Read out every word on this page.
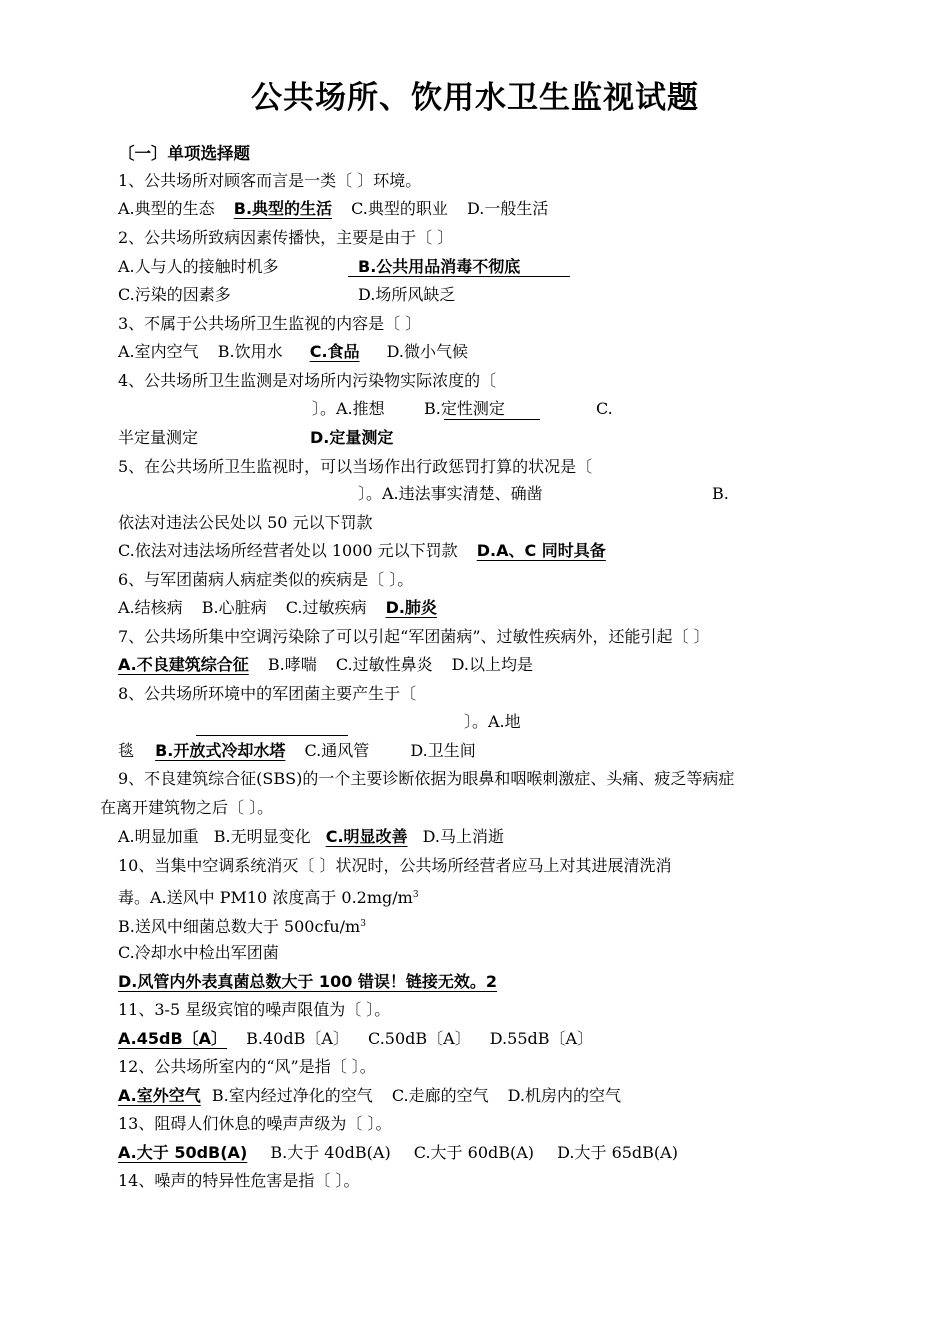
公共场所、饮用水卫生监视试题
〔一〕单项选择题
1、公共场所对顾客而言是一类〔 〕环境。
A.典型的生态 B.典型的生活 C.典型的职业 D.一般生活
2、公共场所致病因素传播快，主要是由于〔 〕
A.人与人的接触时机多	B.公共用品消毒不彻底
C.污染的因素多	D.场所风缺乏
3、不属于公共场所卫生监视的内容是〔 〕
A.室内空气 B.饮用水 C.食品 D.微小气候
4、公共场所卫生监测是对场所内污染物实际浓度的〔
〕。A.推想 B.定性测定	C.
半定量测定	D.定量测定
5、在公共场所卫生监视时，可以当场作出行政惩罚打算的状况是〔
〕。A.违法事实清楚、确凿	B.
依法对违法公民处以 50 元以下罚款
C.依法对违法场所经营者处以 1000 元以下罚款 D.A、C 同时具备
6、与军团菌病人病症类似的疾病是〔 〕。
A.结核病 B.心脏病 C.过敏疾病 D.肺炎
7、公共场所集中空调污染除了可以引起“军团菌病”、过敏性疾病外，还能引起〔 〕
A.不良建筑综合征 B.哮喘 C.过敏性鼻炎 D.以上均是
8、公共场所环境中的军团菌主要产生于〔
〕。A.地
毯 B.开放式冷却水塔 C.通风管	D.卫生间
9、不良建筑综合征(SBS)的一个主要诊断依据为眼鼻和咽喉刺激症、头痛、疲乏等病症
在离开建筑物之后〔 〕。
A.明显加重 B.无明显变化 C.明显改善 D.马上消逝
10、当集中空调系统消灭〔 〕状况时，公共场所经营者应马上对其进展清洗消
毒。A.送风中 PM10 浓度高于 $0.2mg/m^3$
B.送风中细菌总数大于 $500cfu/m^3$
C.冷却水中检出军团菌
D.风管内外表真菌总数大于 100 错误！链接无效。2
11、3-5 星级宾馆的噪声限值为〔 〕。
A.45dB〔A〕 B.40dB〔A〕 C.50dB〔A〕 D.55dB〔A〕
12、公共场所室内的“风”是指〔 〕。
A.室外空气 B.室内经过净化的空气 C.走廊的空气 D.机房内的空气
13、阻碍人们休息的噪声声级为〔 〕。
A.大于 50dB(A) B.大于 40dB(A) C.大于 60dB(A) D.大于 65dB(A)
14、噪声的特异性危害是指〔 〕。
